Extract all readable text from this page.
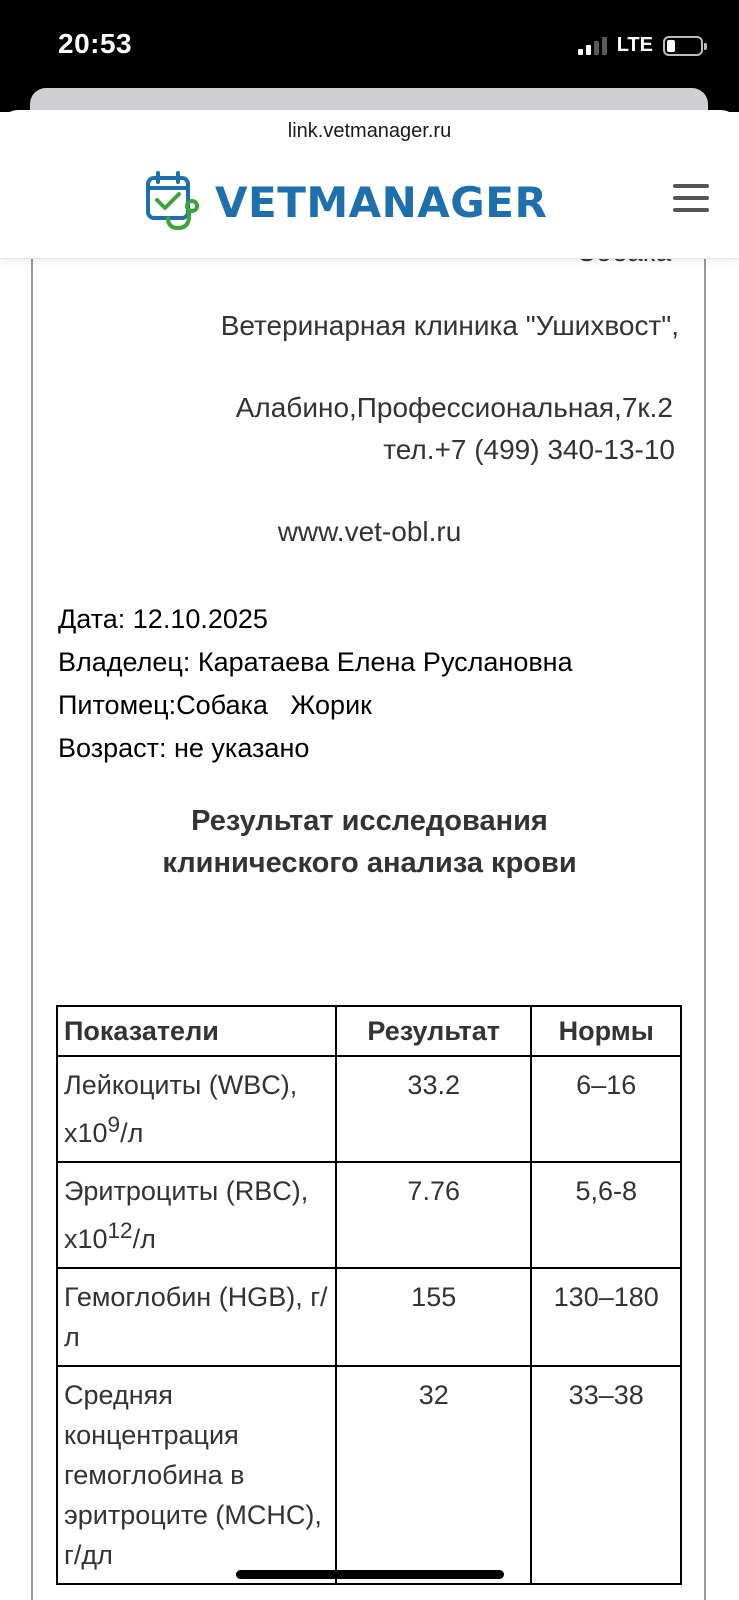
20:53	LTE
link.vetmanager.ru
VETMANAGER
Ветеринарная клиника "Ушихвост",
Алабино,Профессиональная,7к.2
тел.+7 (499) 340-13-10
www.vet-obl.ru
Дата: 12.10.2025
Владелец: Каратаева Елена Руслановна
Питомец:Собака   Жорик
Возраст: не указано
Результат исследования
клинического анализа крови
Показатели	Результат	Нормы
Лейкоциты (WBC), $x10^9/л$	33.2	6–16
Эритроциты (RBC), $x10^{12}/л$	7.76	5,6-8
Гемоглобин (HGB), г/л	155	130–180
Средняя концентрация гемоглобина в эритроците (MCHC), г/дл	32	33–38
